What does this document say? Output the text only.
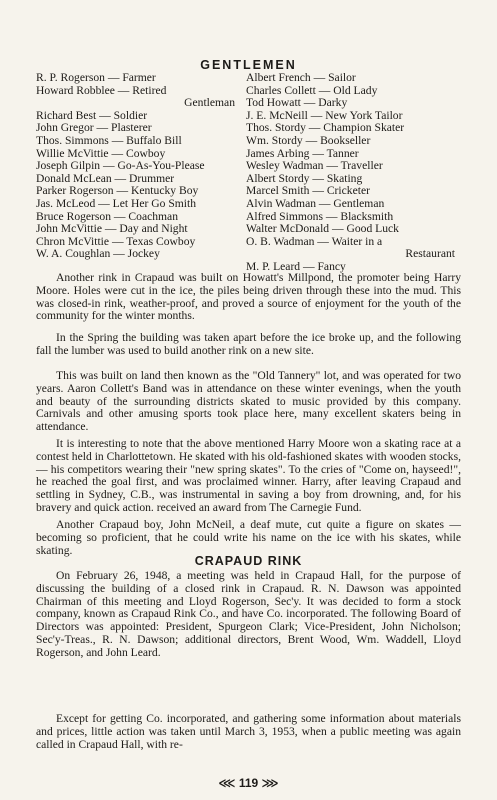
GENTLEMEN
R. P. Rogerson — Farmer
Howard Robblee — Retired
Gentleman
Richard Best — Soldier
John Gregor — Plasterer
Thos. Simmons — Buffalo Bill
Willie McVittie — Cowboy
Joseph Gilpin — Go-As-You-Please
Donald McLean — Drummer
Parker Rogerson — Kentucky Boy
Jas. McLeod — Let Her Go Smith
Bruce Rogerson — Coachman
John McVittie — Day and Night
Chron McVittie — Texas Cowboy
W. A. Coughlan — Jockey
Albert French — Sailor
Charles Collett — Old Lady
Tod Howatt — Darky
J. E. McNeill — New York Tailor
Thos. Stordy — Champion Skater
Wm. Stordy — Bookseller
James Arbing — Tanner
Wesley Wadman — Traveller
Albert Stordy — Skating
Marcel Smith — Cricketer
Alvin Wadman — Gentleman
Alfred Simmons — Blacksmith
Walter McDonald — Good Luck
O. B. Wadman — Waiter in a
Restaurant
M. P. Leard — Fancy

Another rink in Crapaud was built on Howatt's Millpond, the promoter being Harry Moore. Holes were cut in the ice, the piles being driven through these into the mud. This was closed-in rink, weather-proof, and proved a source of enjoyment for the youth of the community for the winter months.

In the Spring the building was taken apart before the ice broke up, and the following fall the lumber was used to build another rink on a new site.

This was built on land then known as the "Old Tannery" lot, and was operated for two years. Aaron Collett's Band was in attendance on these winter evenings, when the youth and beauty of the surrounding districts skated to music provided by this company. Carnivals and other amusing sports took place here, many excellent skaters being in attendance.

It is interesting to note that the above mentioned Harry Moore won a skating race at a contest held in Charlottetown. He skated with his old-fashioned skates with wooden stocks, — his competitors wearing their "new spring skates". To the cries of "Come on, hayseed!", he reached the goal first, and was proclaimed winner. Harry, after leaving Crapaud and settling in Sydney, C.B., was instrumental in saving a boy from drowning, and, for his bravery and quick action. received an award from The Carnegie Fund.

Another Crapaud boy, John McNeil, a deaf mute, cut quite a figure on skates — becoming so proficient, that he could write his name on the ice with his skates, while skating.

CRAPAUD RINK

On February 26, 1948, a meeting was held in Crapaud Hall, for the purpose of discussing the building of a closed rink in Crapaud. R. N. Dawson was appointed Chairman of this meeting and Lloyd Rogerson, Sec'y. It was decided to form a stock company, known as Crapaud Rink Co., and have Co. incorporated. The following Board of Directors was appointed: President, Spurgeon Clark; Vice-President, John Nicholson; Sec'y-Treas., R. N. Dawson; additional directors, Brent Wood, Wm. Waddell, Lloyd Rogerson, and John Leard.

Except for getting Co. incorporated, and gathering some information about materials and prices, little action was taken until March 3, 1953, when a public meeting was again called in Crapaud Hall, with re-

⋘ 119 ⋙
